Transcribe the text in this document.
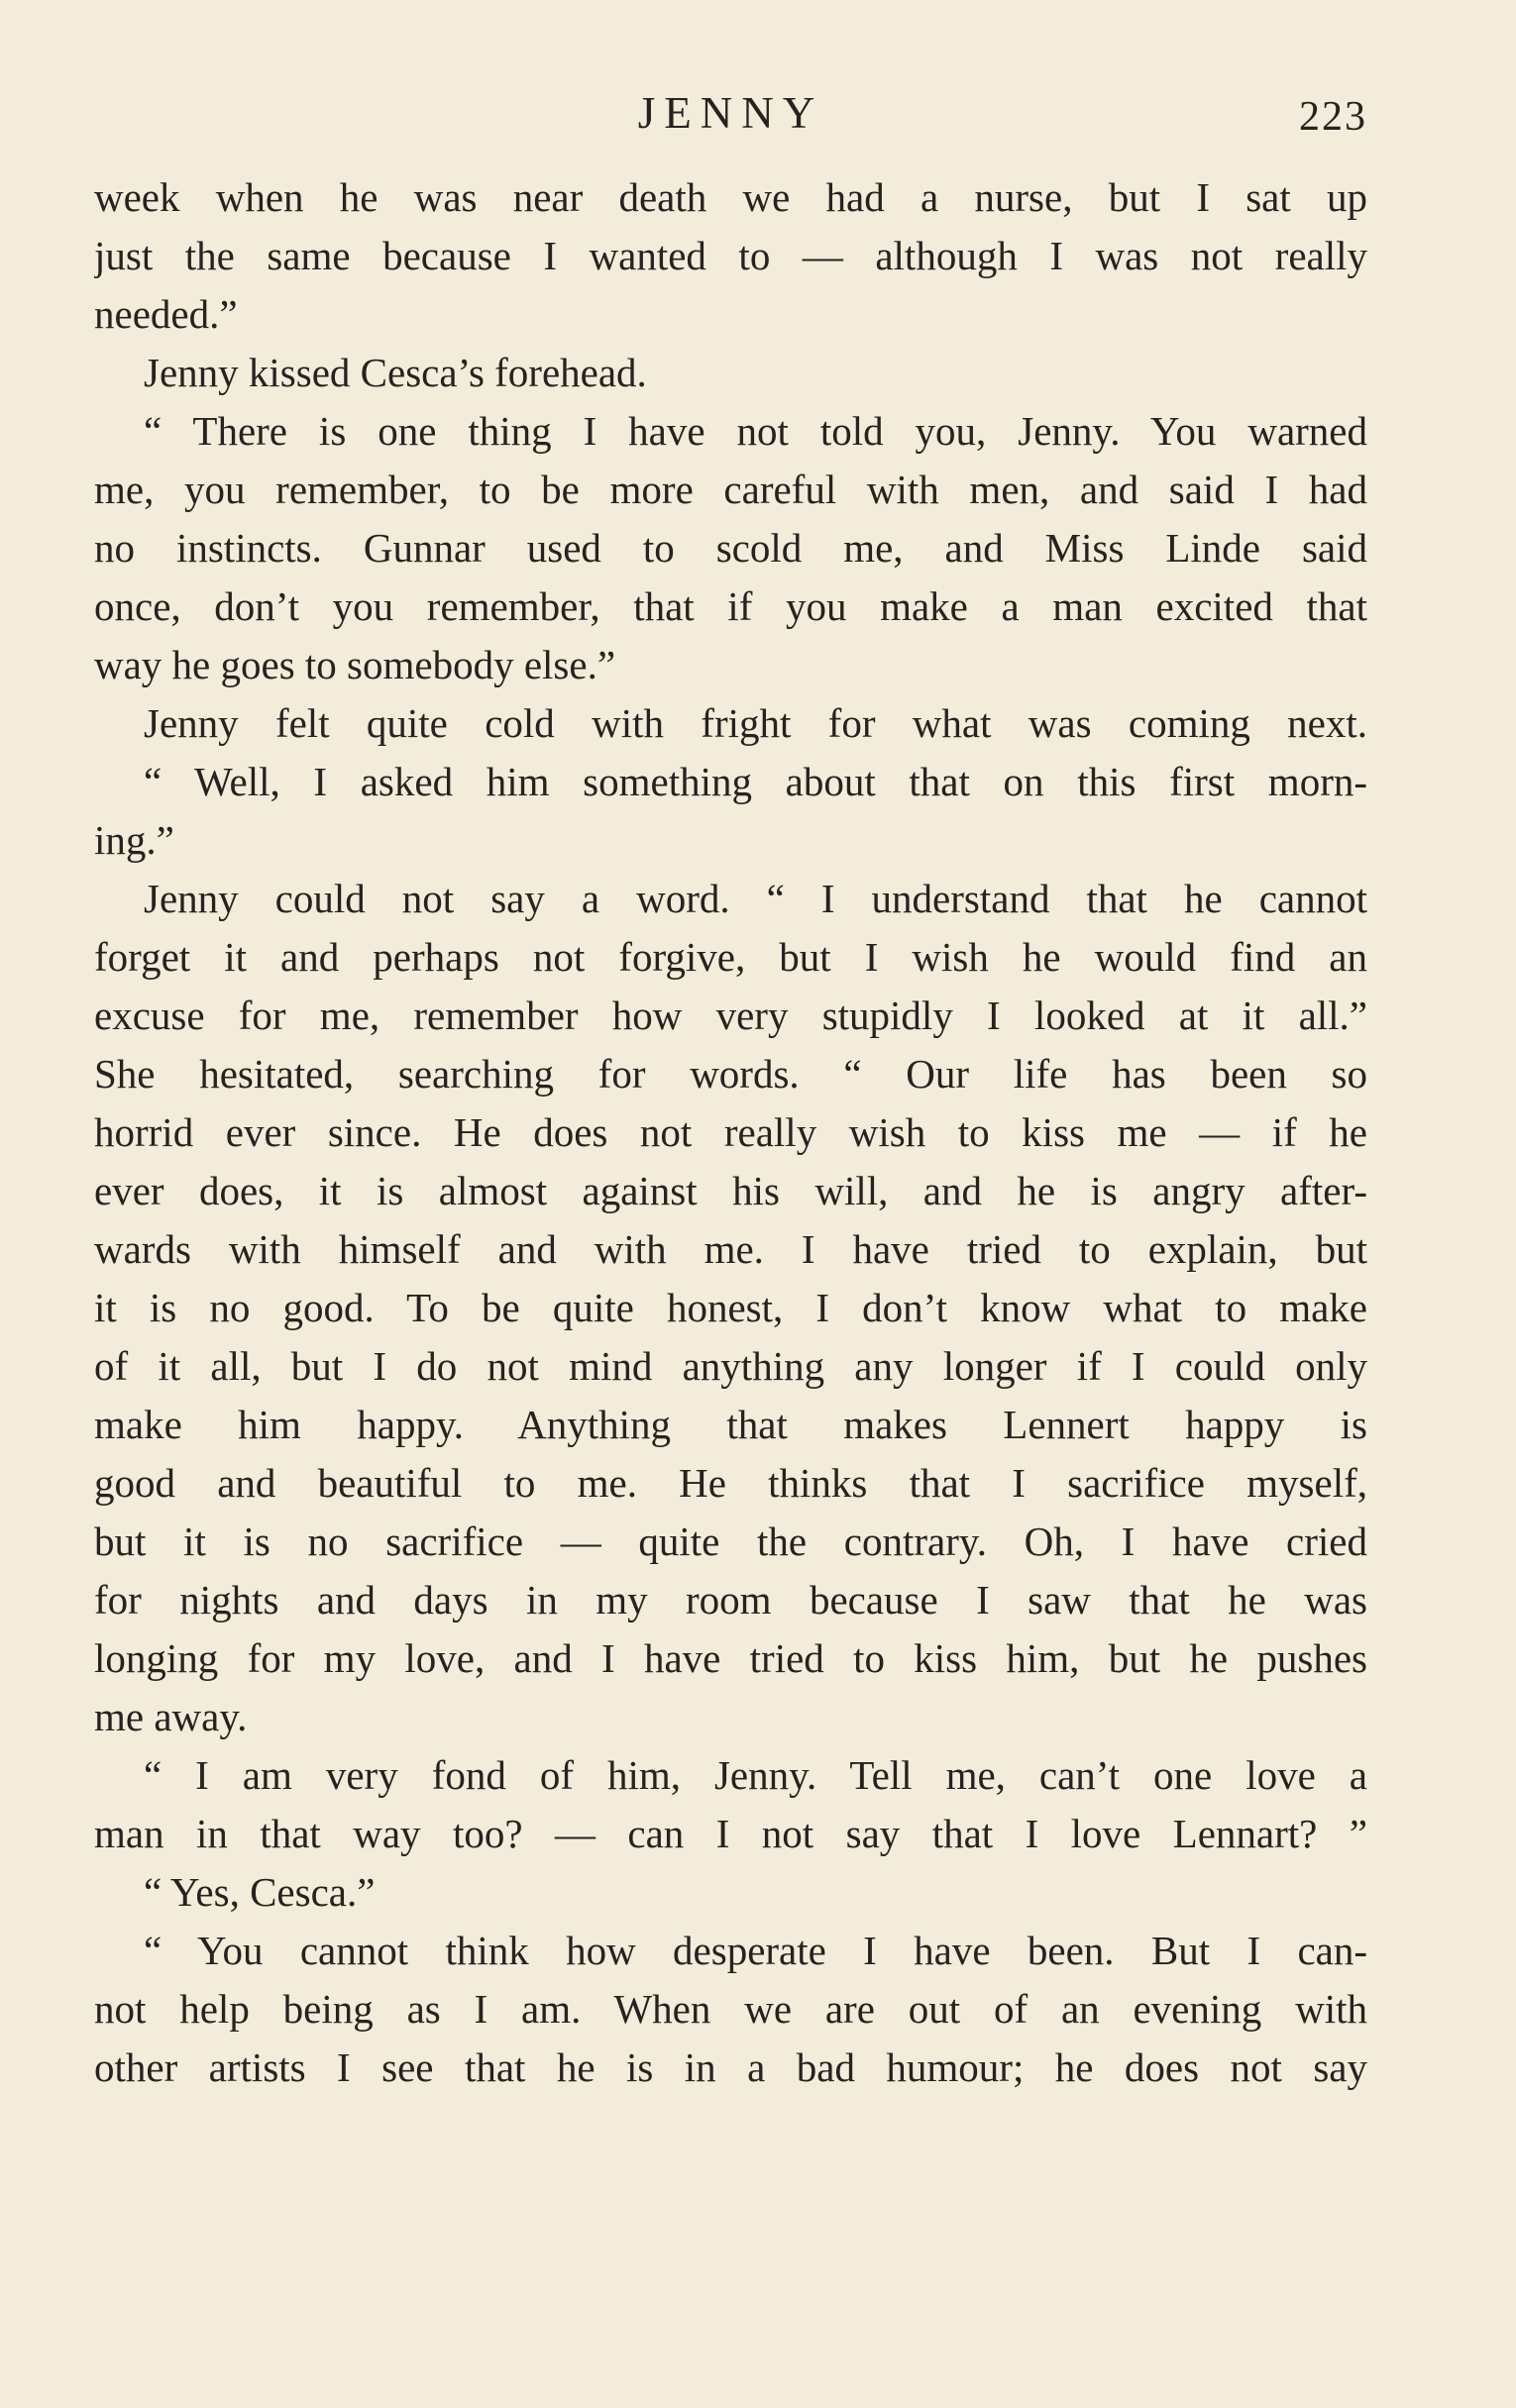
JENNY	223

week when he was near death we had a nurse, but I sat up

just the same because I wanted to — although I was not really

needed.”

Jenny kissed Cesca’s forehead.

“ There is one thing I have not told you, Jenny. You warned

me, you remember, to be more careful with men, and said I had

no instincts. Gunnar used to scold me, and Miss Linde said

once, don’t you remember, that if you make a man excited that

way he goes to somebody else.”

Jenny felt quite cold with fright for what was coming next.

“ Well, I asked him something about that on this first morn-

ing.”

Jenny could not say a word. “ I understand that he cannot

forget it and perhaps not forgive, but I wish he would find an

excuse for me, remember how very stupidly I looked at it all.”

She hesitated, searching for words. “ Our life has been so

horrid ever since. He does not really wish to kiss me — if he

ever does, it is almost against his will, and he is angry after-

wards with himself and with me. I have tried to explain, but

it is no good. To be quite honest, I don’t know what to make

of it all, but I do not mind anything any longer if I could only

make him happy. Anything that makes Lennert happy is

good and beautiful to me. He thinks that I sacrifice myself,

but it is no sacrifice — quite the contrary. Oh, I have cried

for nights and days in my room because I saw that he was

longing for my love, and I have tried to kiss him, but he pushes

me away.

“ I am very fond of him, Jenny. Tell me, can’t one love a

man in that way too? — can I not say that I love Lennart? ”

“ Yes, Cesca.”

“ You cannot think how desperate I have been. But I can-

not help being as I am. When we are out of an evening with

other artists I see that he is in a bad humour; he does not say
